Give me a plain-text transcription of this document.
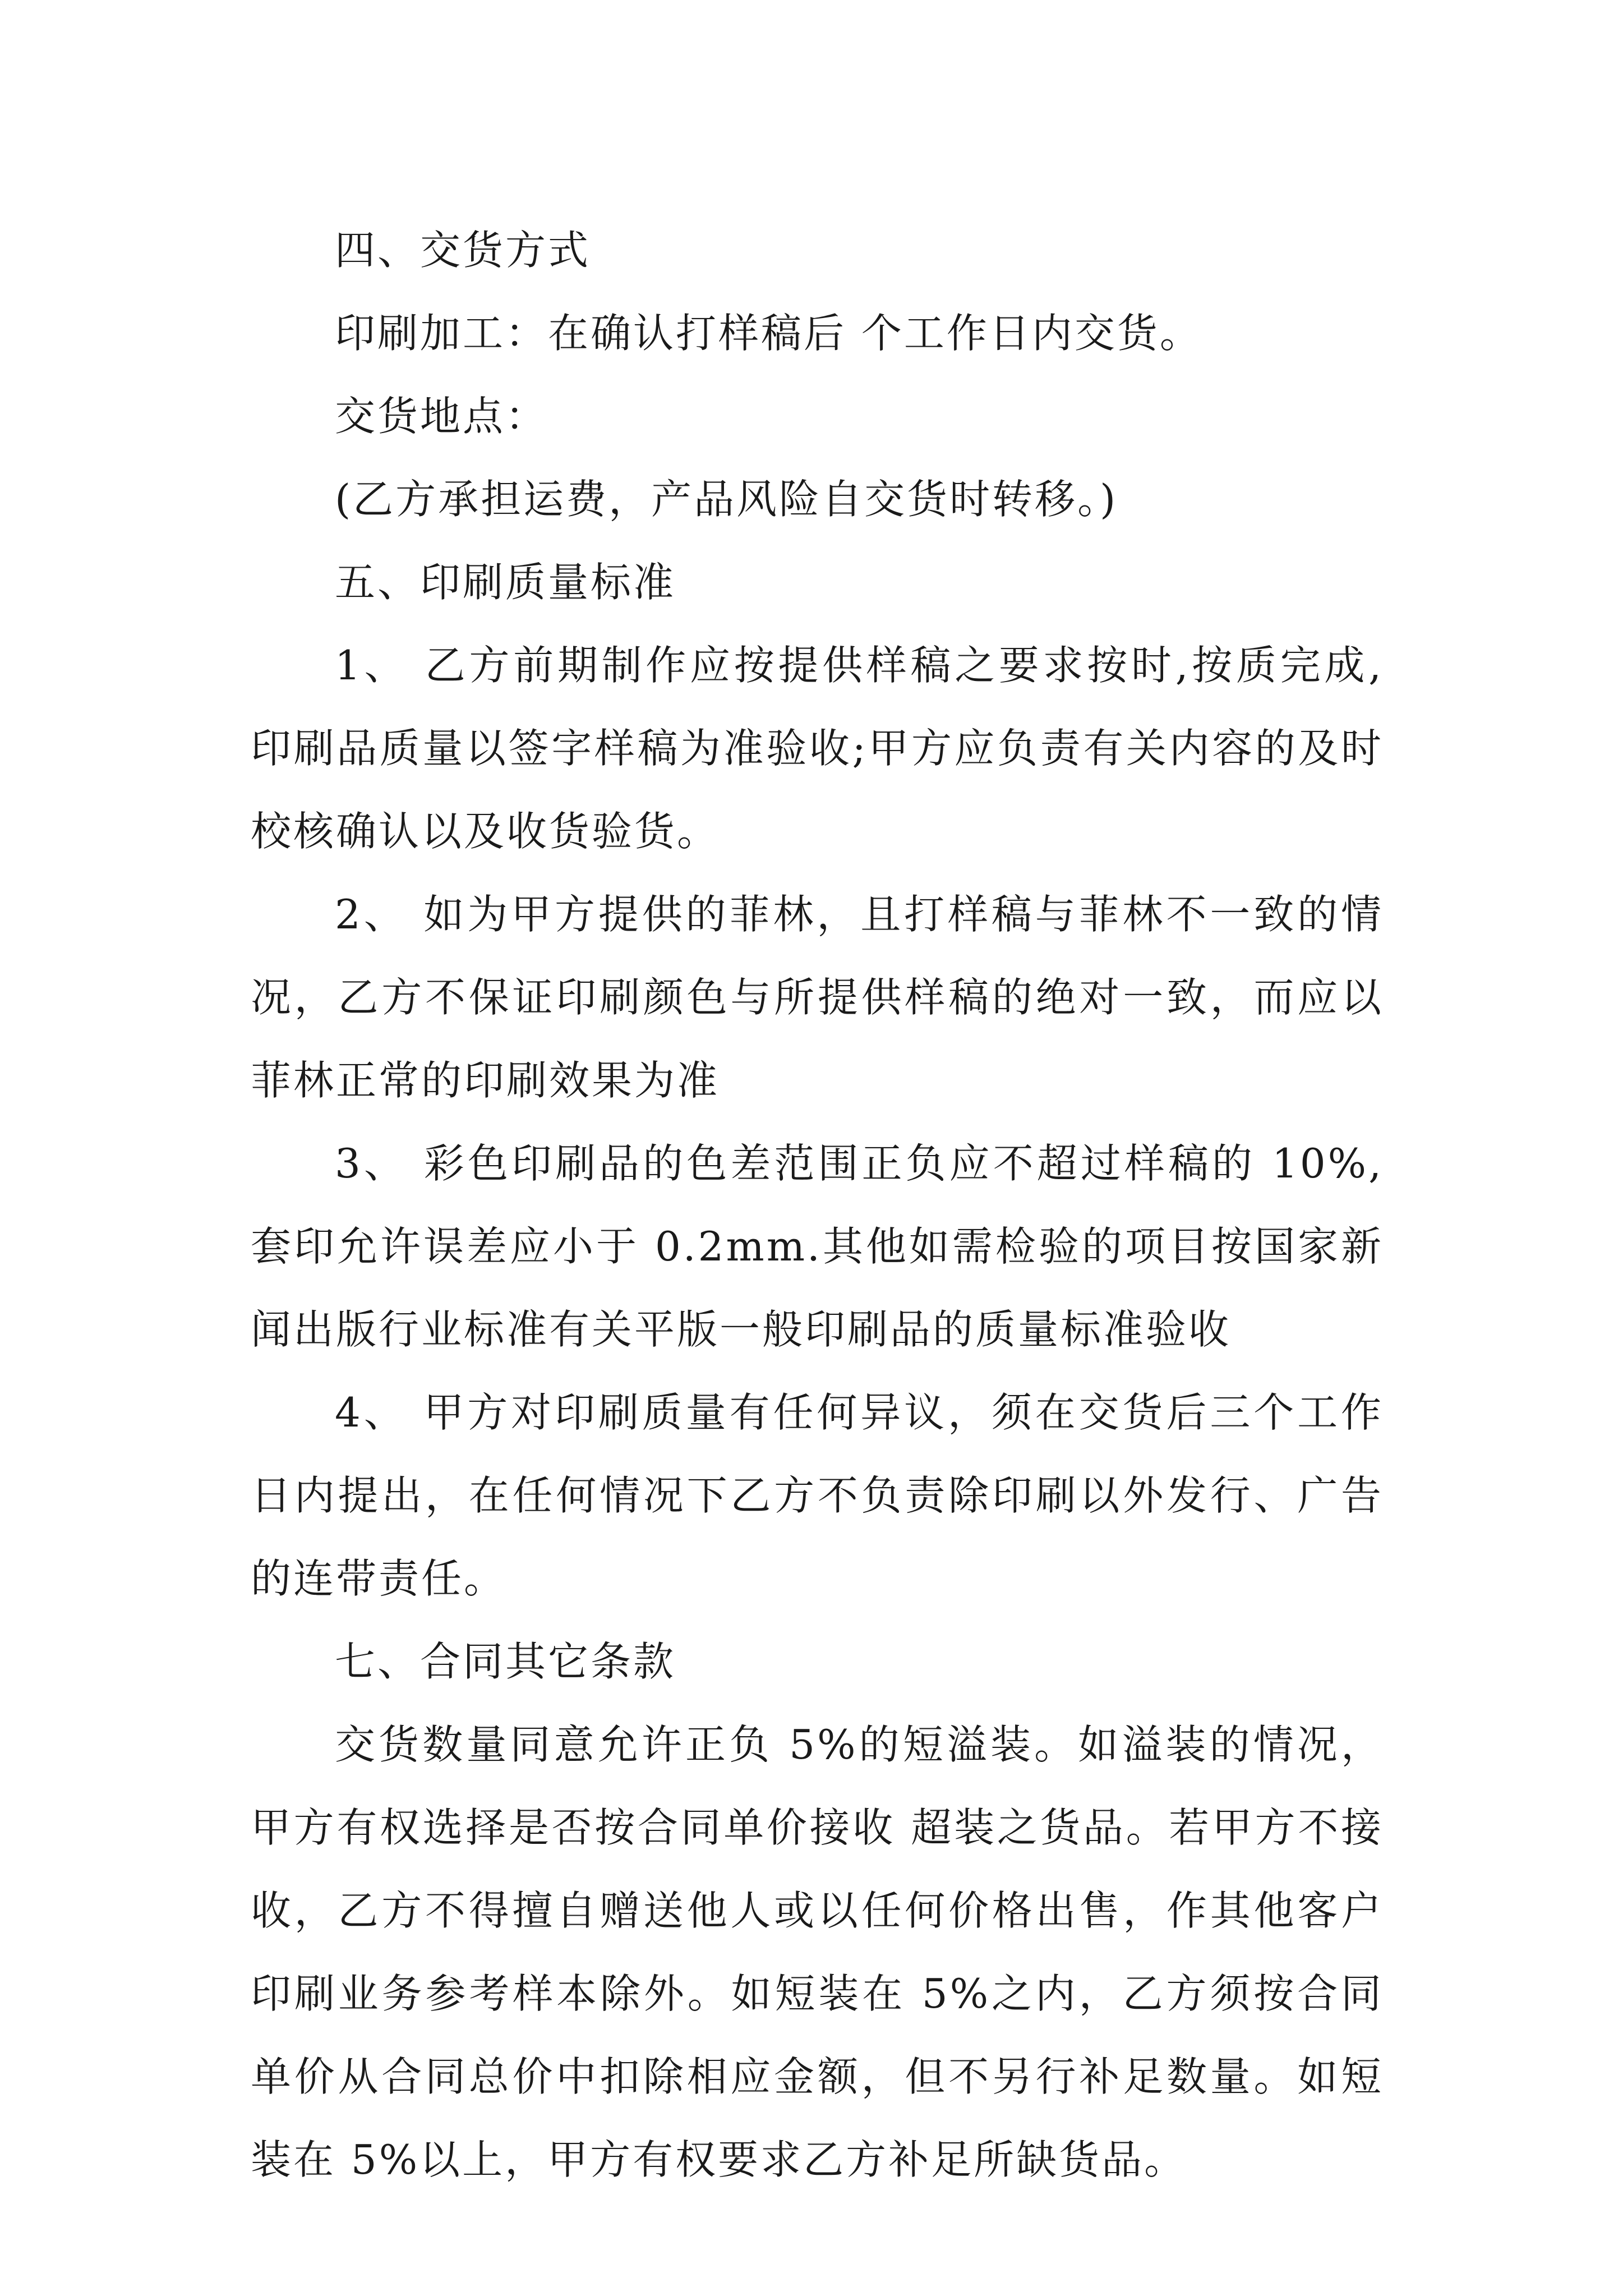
四、交货方式

印刷加工：在确认打样稿后 个工作日内交货。

交货地点：

(乙方承担运费，产品风险自交货时转移。)

五、印刷质量标准

1、 乙方前期制作应按提供样稿之要求按时,按质完成,印刷品质量以签字样稿为准验收;甲方应负责有关内容的及时校核确认以及收货验货。

2、 如为甲方提供的菲林，且打样稿与菲林不一致的情况，乙方不保证印刷颜色与所提供样稿的绝对一致，而应以菲林正常的印刷效果为准

3、 彩色印刷品的色差范围正负应不超过样稿的 10%,套印允许误差应小于 0.2mm.其他如需检验的项目按国家新闻出版行业标准有关平版一般印刷品的质量标准验收

4、 甲方对印刷质量有任何异议，须在交货后三个工作日内提出，在任何情况下乙方不负责除印刷以外发行、广告的连带责任。

七、合同其它条款

交货数量同意允许正负 5%的短溢装。如溢装的情况，甲方有权选择是否按合同单价接收 超装之货品。若甲方不接收，乙方不得擅自赠送他人或以任何价格出售，作其他客户印刷业务参考样本除外。如短装在 5%之内，乙方须按合同单价从合同总价中扣除相应金额，但不另行补足数量。如短装在 5%以上，甲方有权要求乙方补足所缺货品。
